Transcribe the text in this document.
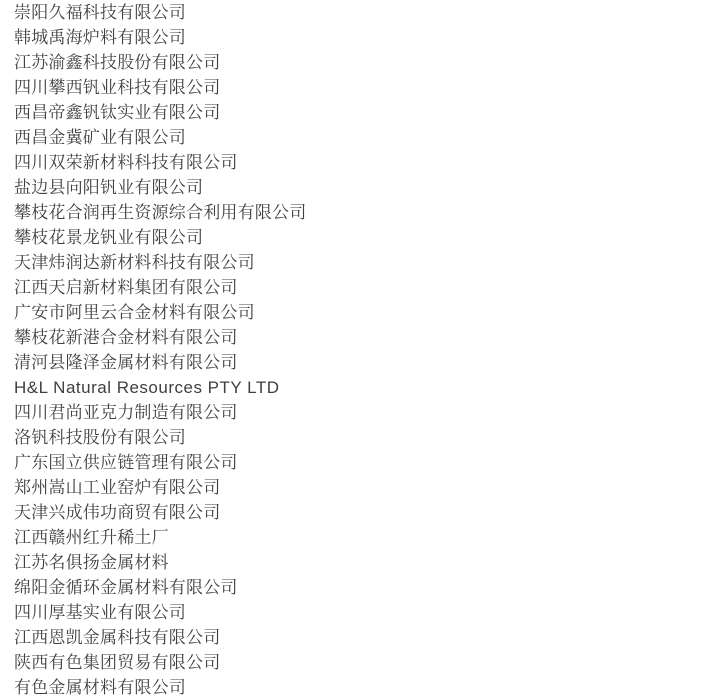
崇阳久福科技有限公司
韩城禹海炉料有限公司
江苏渝鑫科技股份有限公司
四川攀西钒业科技有限公司
西昌帝鑫钒钛实业有限公司
西昌金冀矿业有限公司
四川双荣新材料科技有限公司
盐边县向阳钒业有限公司
攀枝花合润再生资源综合利用有限公司
攀枝花景龙钒业有限公司
天津炜润达新材料科技有限公司
江西天启新材料集团有限公司
广安市阿里云合金材料有限公司
攀枝花新港合金材料有限公司
清河县隆泽金属材料有限公司
H&L Natural Resources PTY LTD
四川君尚亚克力制造有限公司
洛钒科技股份有限公司
广东国立供应链管理有限公司
郑州嵩山工业窑炉有限公司
天津兴成伟功商贸有限公司
江西赣州红升稀土厂
江苏名俱扬金属材料
绵阳金循环金属材料有限公司
四川厚基实业有限公司
江西恩凯金属科技有限公司
陕西有色集团贸易有限公司
有色金属材料有限公司
